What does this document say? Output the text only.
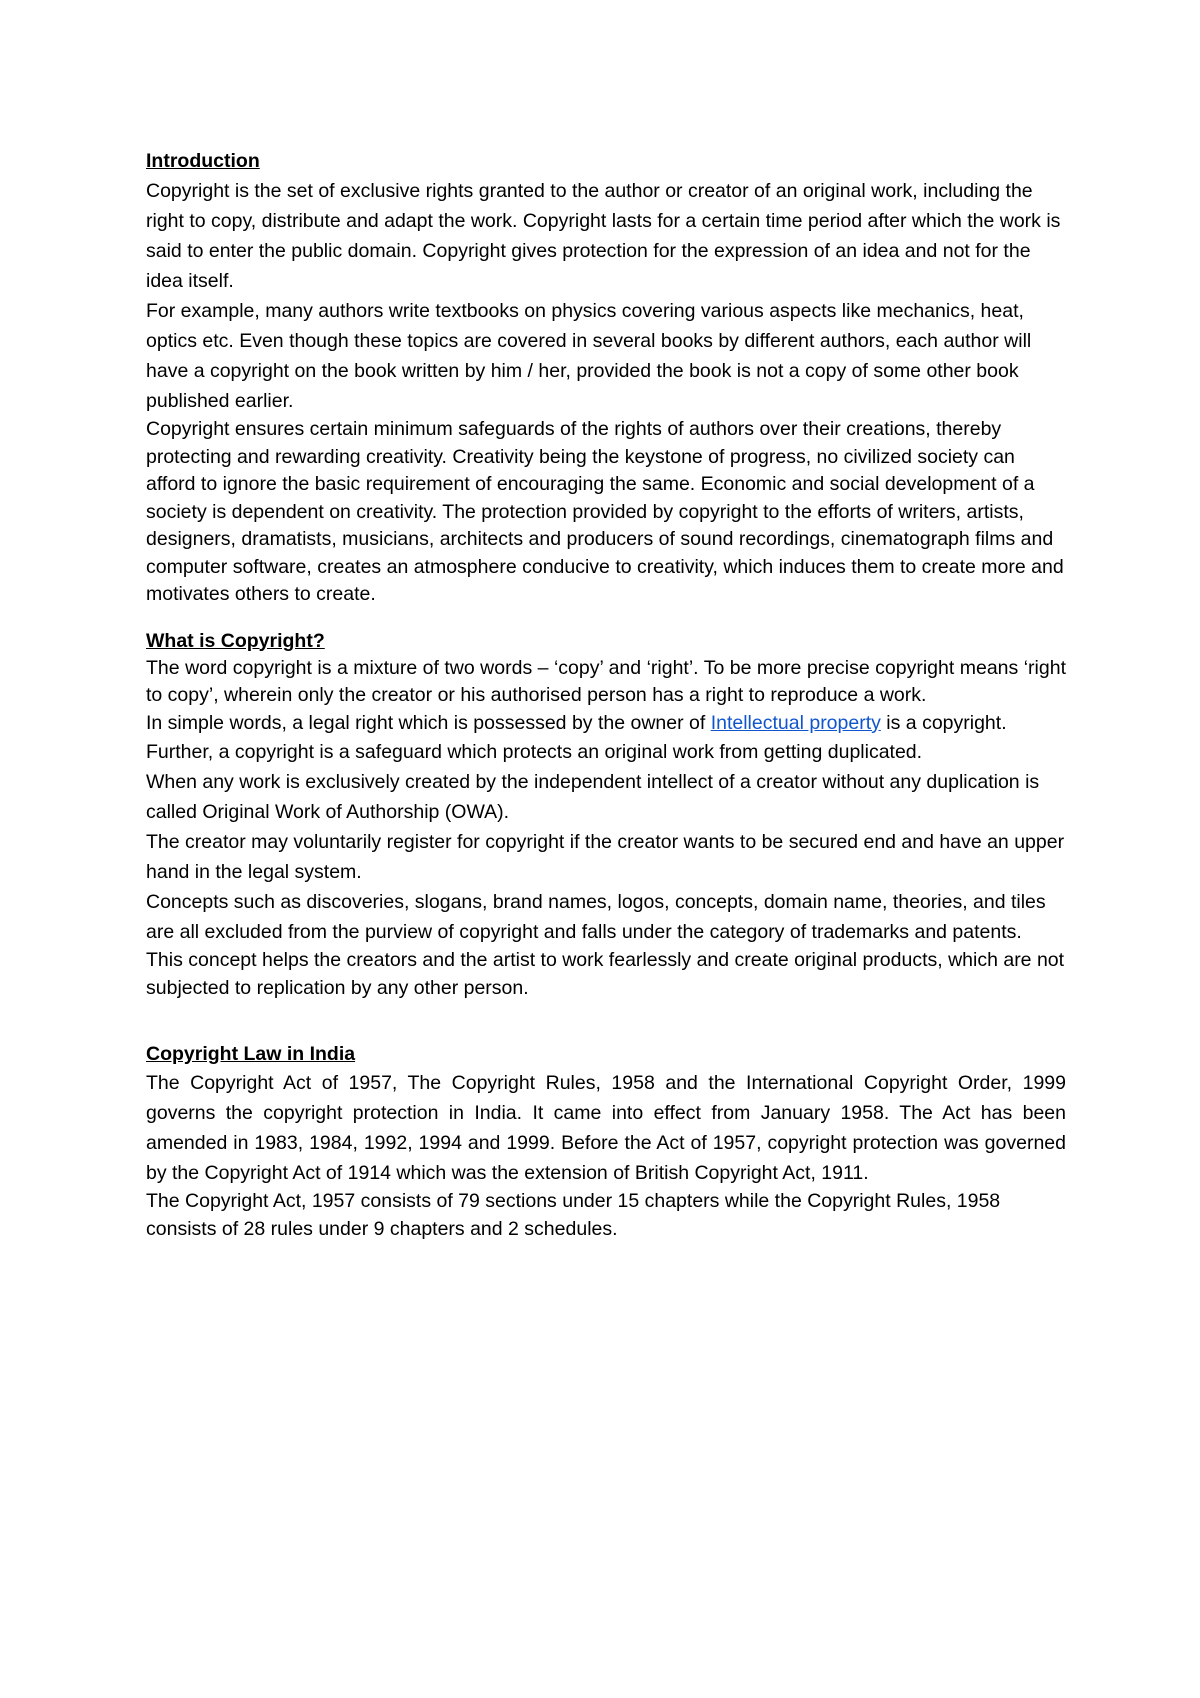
Introduction

Copyright is the set of exclusive rights granted to the author or creator of an original work, including the right to copy, distribute and adapt the work. Copyright lasts for a certain time period after which the work is said to enter the public domain. Copyright gives protection for the expression of an idea and not for the idea itself.

For example, many authors write textbooks on physics covering various aspects like mechanics, heat, optics etc. Even though these topics are covered in several books by different authors, each author will have a copyright on the book written by him / her, provided the book is not a copy of some other book published earlier.

Copyright ensures certain minimum safeguards of the rights of authors over their creations, thereby protecting and rewarding creativity. Creativity being the keystone of progress, no civilized society can afford to ignore the basic requirement of encouraging the same. Economic and social development of a society is dependent on creativity. The protection provided by copyright to the efforts of writers, artists, designers, dramatists, musicians, architects and producers of sound recordings, cinematograph films and computer software, creates an atmosphere conducive to creativity, which induces them to create more and motivates others to create.

What is Copyright?

The word copyright is a mixture of two words – ‘copy’ and ‘right’. To be more precise copyright means ‘right to copy’, wherein only the creator or his authorised person has a right to reproduce a work.

In simple words, a legal right which is possessed by the owner of Intellectual property is a copyright.

Further, a copyright is a safeguard which protects an original work from getting duplicated.

When any work is exclusively created by the independent intellect of a creator without any duplication is called Original Work of Authorship (OWA).

The creator may voluntarily register for copyright if the creator wants to be secured end and have an upper hand in the legal system.

Concepts such as discoveries, slogans, brand names, logos, concepts, domain name, theories, and tiles are all excluded from the purview of copyright and falls under the category of trademarks and patents.

This concept helps the creators and the artist to work fearlessly and create original products, which are not subjected to replication by any other person.

Copyright Law in India

The Copyright Act of 1957, The Copyright Rules, 1958 and the International Copyright Order, 1999 governs the copyright protection in India. It came into effect from January 1958. The Act has been amended in 1983, 1984, 1992, 1994 and 1999. Before the Act of 1957, copyright protection was governed by the Copyright Act of 1914 which was the extension of British Copyright Act, 1911.

The Copyright Act, 1957 consists of 79 sections under 15 chapters while the Copyright Rules, 1958 consists of 28 rules under 9 chapters and 2 schedules.
